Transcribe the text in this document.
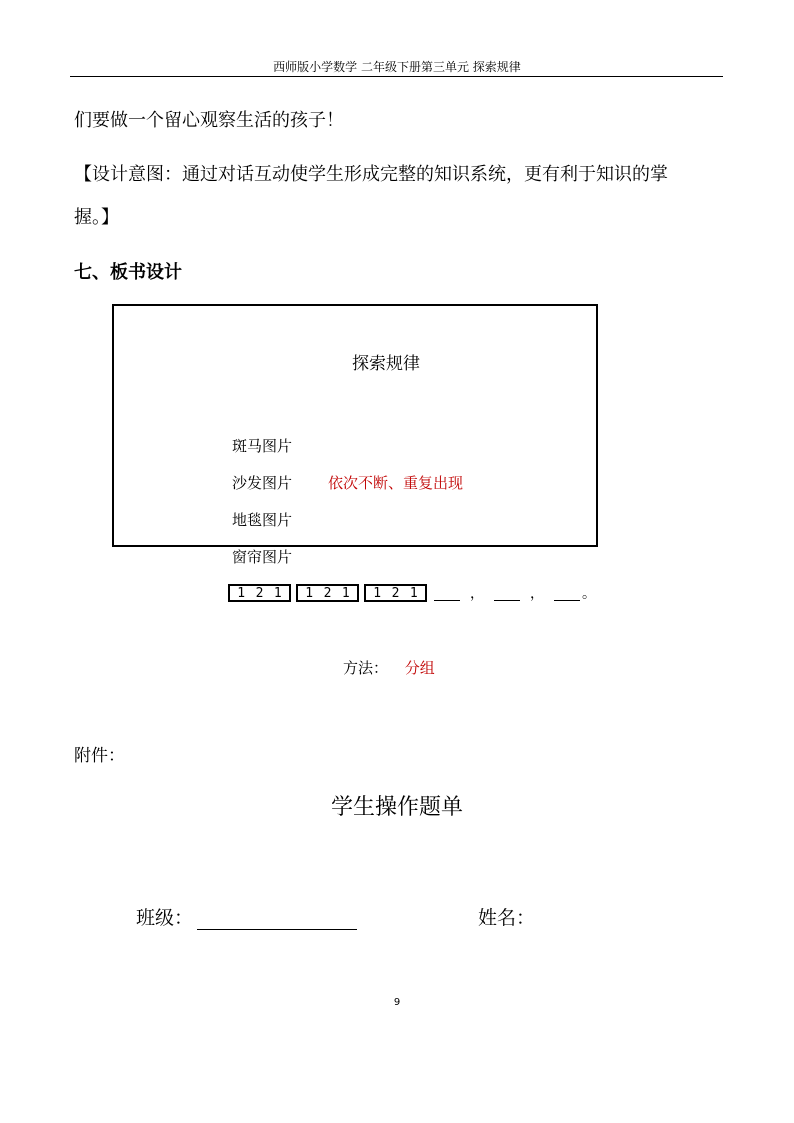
西师版小学数学 二年级下册第三单元 探索规律
们要做一个留心观察生活的孩子！
【设计意图：通过对话互动使学生形成完整的知识系统，更有利于知识的掌
握。】
七、板书设计
探索规律
斑马图片
沙发图片 依次不断、重复出现
地毯图片
窗帘图片
1 2 1 1 2 1 1 2 1	，	，	。
方法： 分组
附件：
学生操作题单
班级：	姓名：
9
